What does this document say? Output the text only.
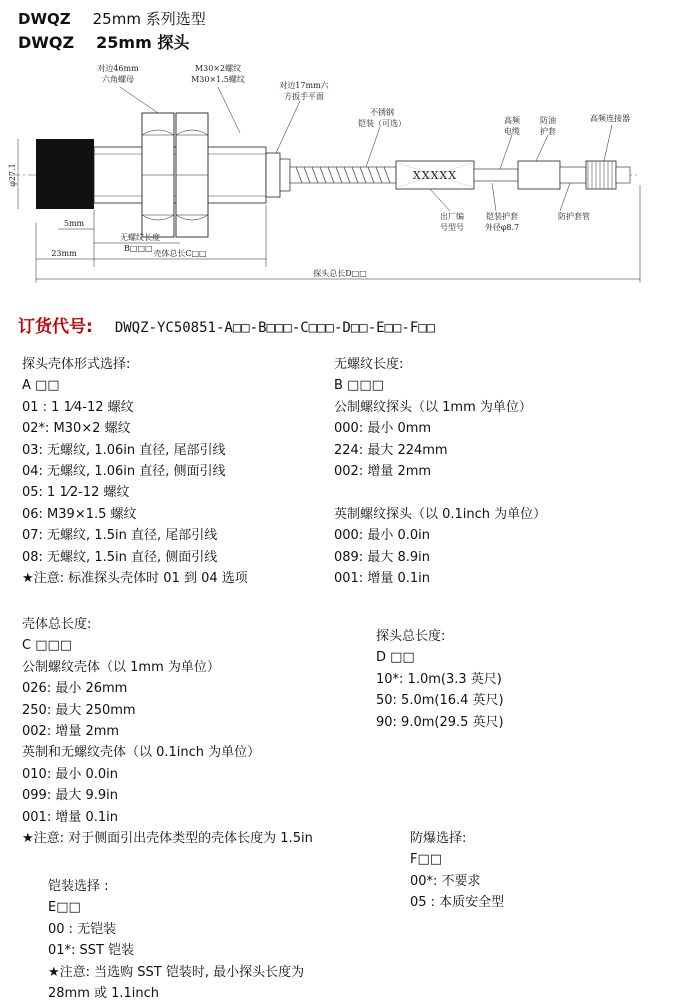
DWQZ 25mm 系列选型
DWQZ 25mm 探头
XXXXX
对边46mm
六角螺母
M30×2螺纹
M30×1.5螺纹
对边17mm六
方扳手平面
不锈钢
铠装（可选）	高频
电缆
防油
护套
高频连接器
φ27.1
5mm
无螺纹长度
B□□□
23mm	壳体总长C□□
探头总长D□□
出厂编
号型号
铠装护套
外径φ8.7
防护套管
订货代号: DWQZ-YC50851-A□□-B□□□-C□□□-D□□-E□□-F□□
探头壳体形式选择:
A □□
01 : 1 1⁄4-12 螺纹
02*: M30×2 螺纹
03: 无螺纹, 1.06in 直径, 尾部引线
04: 无螺纹, 1.06in 直径, 侧面引线
05: 1 1⁄2-12 螺纹
06: M39×1.5 螺纹
07: 无螺纹, 1.5in 直径, 尾部引线
08: 无螺纹, 1.5in 直径, 侧面引线
★注意: 标准探头壳体时 01 到 04 选项
无螺纹长度:
B □□□
公制螺纹探头（以 1mm 为单位）
000: 最小 0mm
224: 最大 224mm
002: 增量 2mm

英制螺纹探头（以 0.1inch 为单位）
000: 最小 0.0in
089: 最大 8.9in
001: 增量 0.1in
壳体总长度:
C □□□
公制螺纹壳体（以 1mm 为单位）
026: 最小 26mm
250: 最大 250mm
002: 增量 2mm
英制和无螺纹壳体（以 0.1inch 为单位）
010: 最小 0.0in
099: 最大 9.9in
001: 增量 0.1in
★注意: 对于侧面引出壳体类型的壳体长度为 1.5in
探头总长度:
D □□
10*: 1.0m(3.3 英尺)
50: 5.0m(16.4 英尺)
90: 9.0m(29.5 英尺)
铠装选择 :
E□□
00 : 无铠装
01*: SST 铠装
★注意: 当选购 SST 铠装时, 最小探头长度为
28mm 或 1.1inch
防爆选择:
F□□
00*: 不要求
05 : 本质安全型
